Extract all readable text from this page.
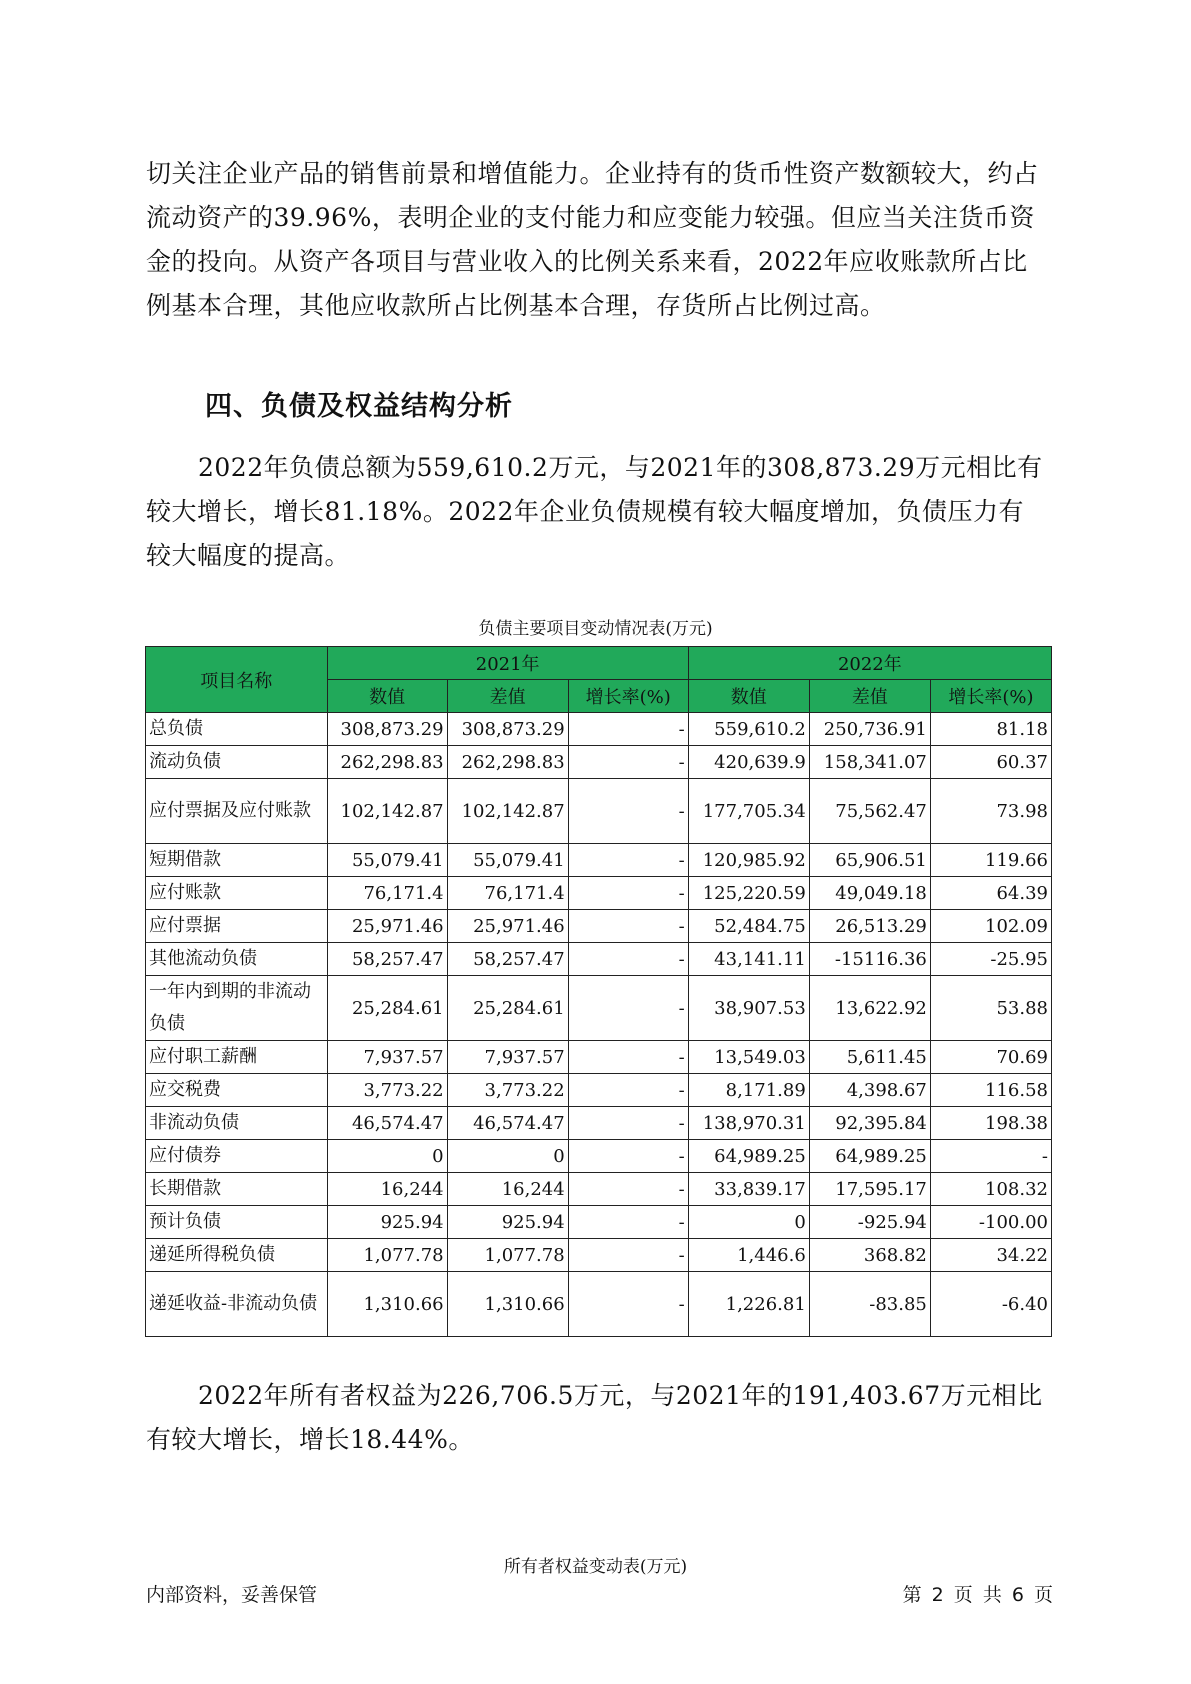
切关注企业产品的销售前景和增值能力。企业持有的货币性资产数额较大，约占流动资产的39.96%，表明企业的支付能力和应变能力较强。但应当关注货币资金的投向。从资产各项目与营业收入的比例关系来看，2022年应收账款所占比例基本合理，其他应收款所占比例基本合理，存货所占比例过高。

四、负债及权益结构分析

2022年负债总额为559,610.2万元，与2021年的308,873.29万元相比有较大增长，增长81.18%。2022年企业负债规模有较大幅度增加，负债压力有较大幅度的提高。

负债主要项目变动情况表(万元)

项目名称	2021年			2022年		
	数值	差值	增长率(%)	数值	差值	增长率(%)
总负债	308,873.29	308,873.29	-	559,610.2	250,736.91	81.18
流动负债	262,298.83	262,298.83	-	420,639.9	158,341.07	60.37
应付票据及应付账款	102,142.87	102,142.87	-	177,705.34	75,562.47	73.98
短期借款	55,079.41	55,079.41	-	120,985.92	65,906.51	119.66
应付账款	76,171.4	76,171.4	-	125,220.59	49,049.18	64.39
应付票据	25,971.46	25,971.46	-	52,484.75	26,513.29	102.09
其他流动负债	58,257.47	58,257.47	-	43,141.11	-15116.36	-25.95
一年内到期的非流动负债	25,284.61	25,284.61	-	38,907.53	13,622.92	53.88
应付职工薪酬	7,937.57	7,937.57	-	13,549.03	5,611.45	70.69
应交税费	3,773.22	3,773.22	-	8,171.89	4,398.67	116.58
非流动负债	46,574.47	46,574.47	-	138,970.31	92,395.84	198.38
应付债券	0	0	-	64,989.25	64,989.25	-
长期借款	16,244	16,244	-	33,839.17	17,595.17	108.32
预计负债	925.94	925.94	-	0	-925.94	-100.00
递延所得税负债	1,077.78	1,077.78	-	1,446.6	368.82	34.22
递延收益-非流动负债	1,310.66	1,310.66	-	1,226.81	-83.85	-6.40

2022年所有者权益为226,706.5万元，与2021年的191,403.67万元相比有较大增长，增长18.44%。

所有者权益变动表(万元)

内部资料，妥善保管	第 2 页 共 6 页
